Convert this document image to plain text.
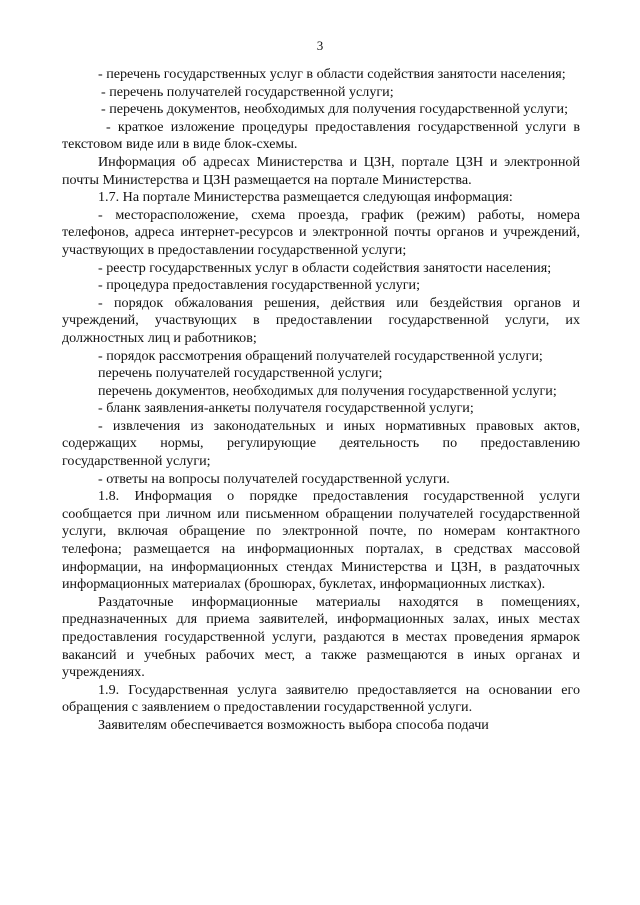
3

- перечень государственных услуг в области содействия занятости населения;

- перечень получателей государственной услуги;

- перечень документов, необходимых для получения государственной услуги;

- краткое изложение процедуры предоставления государственной услуги в текстовом виде или в виде блок-схемы.

Информация об адресах Министерства и ЦЗН, портале ЦЗН и электронной почты Министерства и ЦЗН размещается на портале Министерства.

1.7. На портале Министерства размещается следующая информация:

- месторасположение, схема проезда, график (режим) работы, номера телефонов, адреса интернет-ресурсов и электронной почты органов и учреждений, участвующих в предоставлении государственной услуги;

- реестр государственных услуг в области содействия занятости населения;

- процедура предоставления государственной услуги;

- порядок обжалования решения, действия или бездействия органов и учреждений, участвующих в предоставлении государственной услуги, их должностных лиц и работников;

- порядок рассмотрения обращений получателей государственной услуги;

перечень получателей государственной услуги;

перечень документов, необходимых для получения государственной услуги;

- бланк заявления-анкеты получателя государственной услуги;

- извлечения из законодательных и иных нормативных правовых актов, содержащих нормы, регулирующие деятельность по предоставлению государственной услуги;

- ответы на вопросы получателей государственной услуги.

1.8. Информация о порядке предоставления государственной услуги сообщается при личном или письменном обращении получателей государственной услуги, включая обращение по электронной почте, по номерам контактного телефона; размещается на информационных порталах, в средствах массовой информации, на информационных стендах Министерства и ЦЗН, в раздаточных информационных материалах (брошюрах, буклетах, информационных листках).

Раздаточные информационные материалы находятся в помещениях, предназначенных для приема заявителей, информационных залах, иных местах предоставления государственной услуги, раздаются в местах проведения ярмарок вакансий и учебных рабочих мест, а также размещаются в иных органах и учреждениях.

1.9. Государственная услуга заявителю предоставляется на основании его обращения с заявлением о предоставлении государственной услуги.

Заявителям обеспечивается возможность выбора способа подачи
